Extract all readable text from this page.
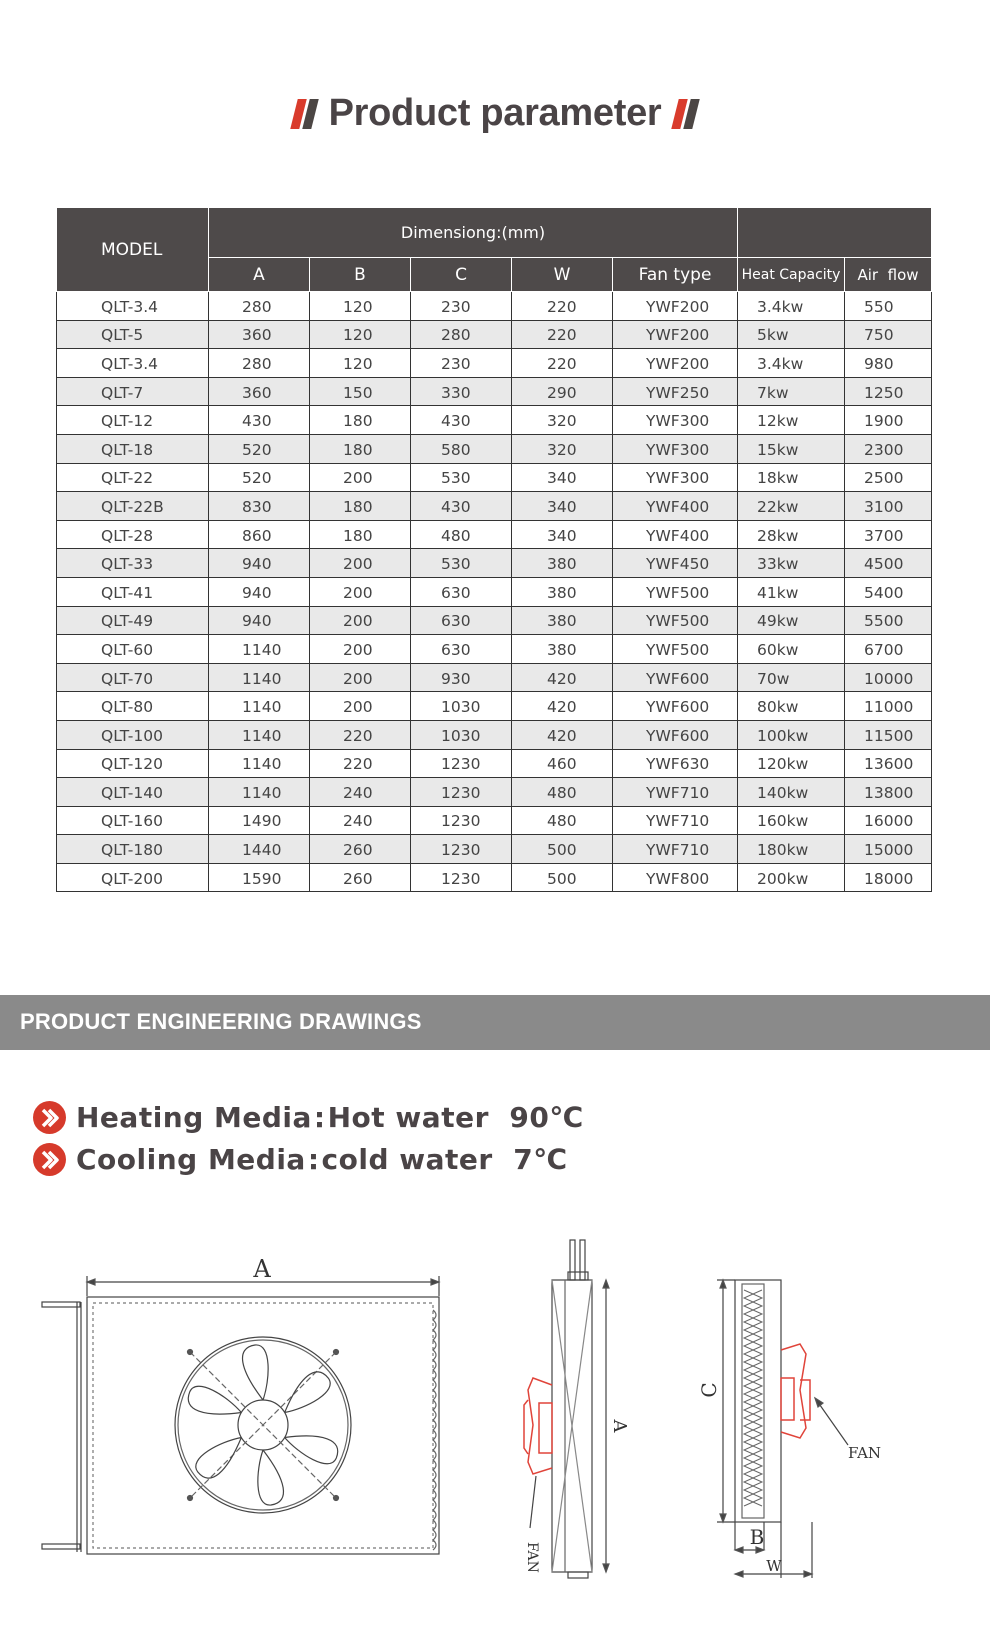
Product parameter
MODEL	Dimensiong:(mm)						
	A	B	C	W	Fan type	Heat Capacity	Air  flow
QLT-3.4	280	120	230	220	YWF200	3.4kw	550
QLT-5	360	120	280	220	YWF200	5kw	750
QLT-3.4	280	120	230	220	YWF200	3.4kw	980
QLT-7	360	150	330	290	YWF250	7kw	1250
QLT-12	430	180	430	320	YWF300	12kw	1900
QLT-18	520	180	580	320	YWF300	15kw	2300
QLT-22	520	200	530	340	YWF300	18kw	2500
QLT-22B	830	180	430	340	YWF400	22kw	3100
QLT-28	860	180	480	340	YWF400	28kw	3700
QLT-33	940	200	530	380	YWF450	33kw	4500
QLT-41	940	200	630	380	YWF500	41kw	5400
QLT-49	940	200	630	380	YWF500	49kw	5500
QLT-60	1140	200	630	380	YWF500	60kw	6700
QLT-70	1140	200	930	420	YWF600	70w	10000
QLT-80	1140	200	1030	420	YWF600	80kw	11000
QLT-100	1140	220	1030	420	YWF600	100kw	11500
QLT-120	1140	220	1230	460	YWF630	120kw	13600
QLT-140	1140	240	1230	480	YWF710	140kw	13800
QLT-160	1490	240	1230	480	YWF710	160kw	16000
QLT-180	1440	260	1230	500	YWF710	180kw	15000
QLT-200	1590	260	1230	500	YWF800	200kw	18000
PRODUCT ENGINEERING DRAWINGS
Heating Media:Hot water  90℃
Cooling Media:cold water  7℃
A
A
FAN
C
B
W
FAN
